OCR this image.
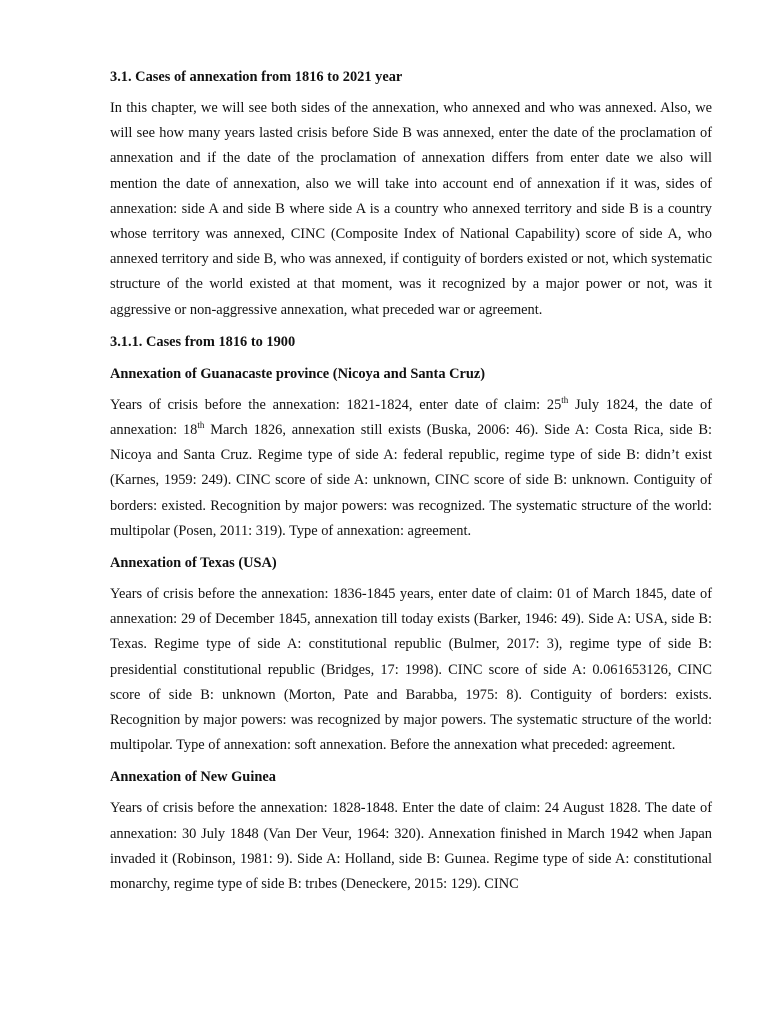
3.1. Cases of annexation from 1816 to 2021 year

In this chapter, we will see both sides of the annexation, who annexed and who was annexed. Also, we will see how many years lasted crisis before Side B was annexed, enter the date of the proclamation of annexation and if the date of the proclamation of annexation differs from enter date we also will mention the date of annexation, also we will take into account end of annexation if it was, sides of annexation: side A and side B where side A is a country who annexed territory and side B is a country whose territory was annexed, CINC (Composite Index of National Capability) score of side A, who annexed territory and side B, who was annexed, if contiguity of borders existed or not, which systematic structure of the world existed at that moment, was it recognized by a major power or not, was it aggressive or non-aggressive annexation, what preceded war or agreement.

3.1.1. Cases from 1816 to 1900
Annexation of Guanacaste province (Nicoya and Santa Cruz)

Years of crisis before the annexation: 1821-1824, enter date of claim: 25th July 1824, the date of annexation: 18th March 1826, annexation still exists (Buska, 2006: 46). Side A: Costa Rica, side B: Nicoya and Santa Cruz. Regime type of side A: federal republic, regime type of side B: didn’t exist (Karnes, 1959: 249). CINC score of side A: unknown, CINC score of side B: unknown. Contiguity of borders: existed. Recognition by major powers: was recognized. The systematic structure of the world: multipolar (Posen, 2011: 319). Type of annexation: agreement.

Annexation of Texas (USA)

Years of crisis before the annexation: 1836-1845 years, enter date of claim: 01 of March 1845, date of annexation: 29 of December 1845, annexation till today exists (Barker, 1946: 49). Side A: USA, side B: Texas. Regime type of side A: constitutional republic (Bulmer, 2017: 3), regime type of side B: presidential constitutional republic (Bridges, 17: 1998). CINC score of side A: 0.061653126, CINC score of side B: unknown (Morton, Pate and Barabba, 1975: 8). Contiguity of borders: exists. Recognition by major powers: was recognized by major powers. The systematic structure of the world: multipolar. Type of annexation: soft annexation. Before the annexation what preceded: agreement.

Annexation of New Guinea

Years of crisis before the annexation: 1828-1848. Enter the date of claim: 24 August 1828. The date of annexation: 30 July 1848 (Van Der Veur, 1964: 320). Annexation finished in March 1942 when Japan invaded it (Robinson, 1981: 9). Side A: Holland, side B: Guınea. Regime type of side A: constitutional monarchy, regime type of side B: trıbes (Deneckere, 2015: 129). CINC
